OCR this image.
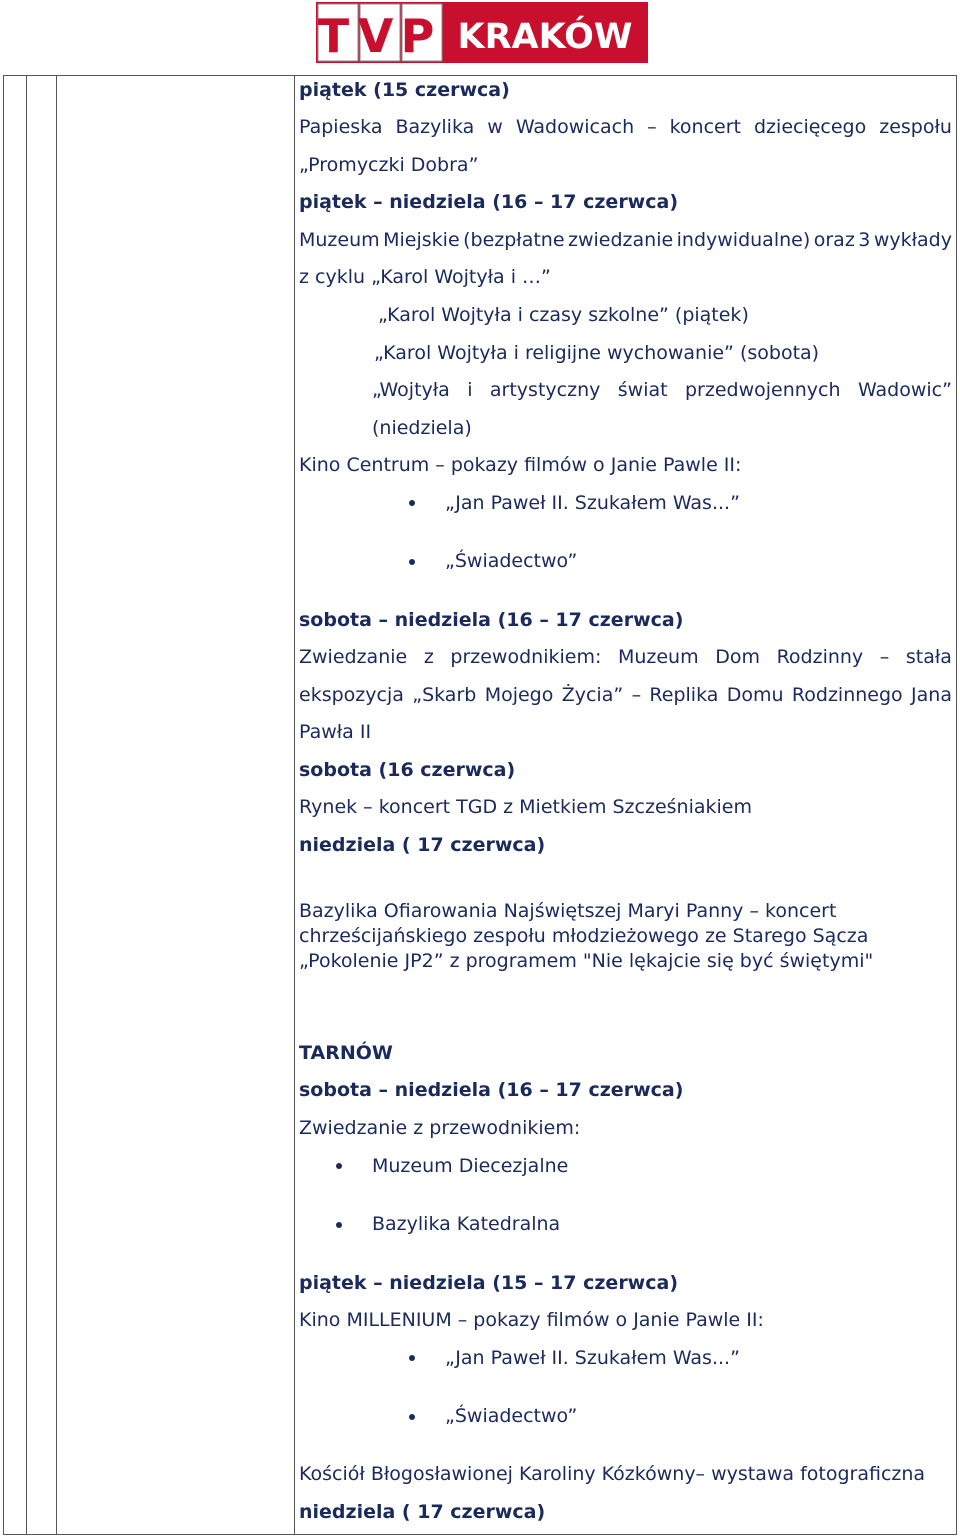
TVP KRAKÓW
piątek (15 czerwca)
Papieska Bazylika w Wadowicach – koncert dziecięcego zespołu
„Promyczki Dobra”
piątek – niedziela (16 – 17 czerwca)
Muzeum Miejskie (bezpłatne zwiedzanie indywidualne) oraz 3 wykłady
z cyklu „Karol Wojtyła i …”
„Karol Wojtyła i czasy szkolne” (piątek)
„Karol Wojtyła i religijne wychowanie” (sobota)
„Wojtyła i artystyczny świat przedwojennych Wadowic”
(niedziela)
Kino Centrum – pokazy filmów o Janie Pawle II:
„Jan Paweł II. Szukałem Was...”
„Świadectwo”
sobota – niedziela (16 – 17 czerwca)
Zwiedzanie z przewodnikiem: Muzeum Dom Rodzinny – stała
ekspozycja „Skarb Mojego Życia” – Replika Domu Rodzinnego Jana
Pawła II
sobota (16 czerwca)
Rynek – koncert TGD z Mietkiem Szcześniakiem
niedziela ( 17 czerwca)
Bazylika Ofiarowania Najświętszej Maryi Panny – koncert chrześcijańskiego zespołu młodzieżowego ze Starego Sącza „Pokolenie JP2” z programem "Nie lękajcie się być świętymi"
TARNÓW
sobota – niedziela (16 – 17 czerwca)
Zwiedzanie z przewodnikiem:
Muzeum Diecezjalne
Bazylika Katedralna
piątek – niedziela (15 – 17 czerwca)
Kino MILLENIUM – pokazy filmów o Janie Pawle II:
„Jan Paweł II. Szukałem Was...”
„Świadectwo”
Kościół Błogosławionej Karoliny Kózkówny– wystawa fotograficzna
niedziela ( 17 czerwca)
